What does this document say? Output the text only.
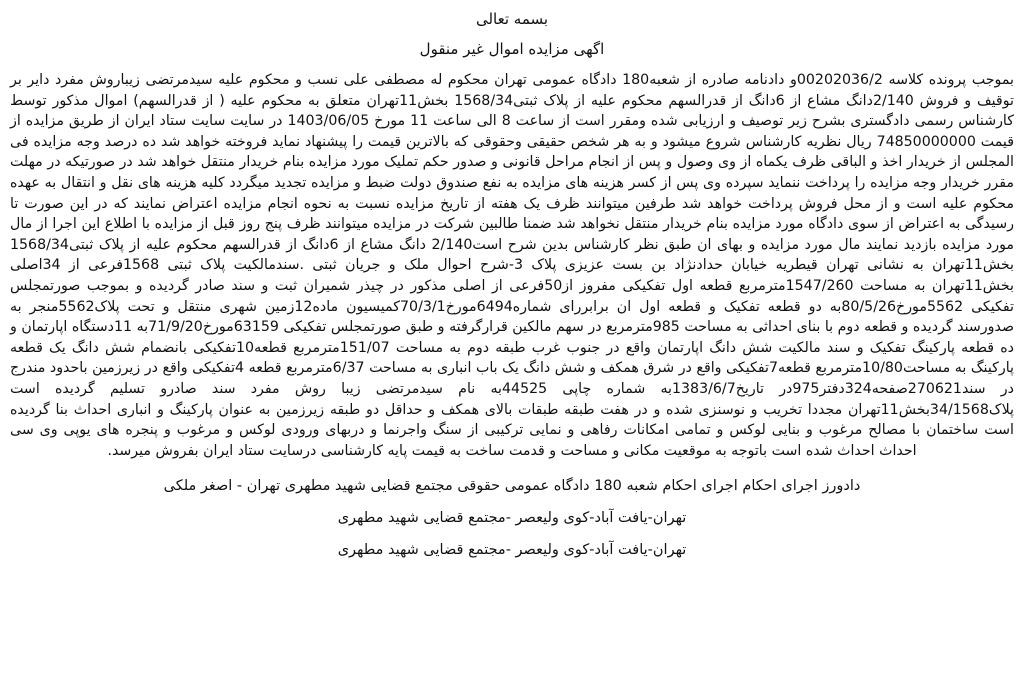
بسمه تعالی
اگهی مزایده اموال غیر منقول

بموجب پرونده کلاسه 00202036/2و دادنامه صادره از شعبه180 دادگاه عمومی تهران محکوم له مصطفی علی نسب و محکوم علیه سیدمرتضی زیباروش مفرد دایر بر توقیف و فروش 2/140دانگ مشاع از 6دانگ از قدرالسهم محکوم علیه از پلاک ثبتی1568/34 بخش11تهران متعلق به محکوم علیه ( از قدرالسهم) اموال مذکور توسط کارشناس رسمی دادگستری بشرح زیر توصیف و ارزیابی شده ومقرر است از ساعت 8 الی ساعت 11 مورخ 1403/06/05 در سایت سایت ستاد ایران از طریق مزایده از قیمت 74850000000 ریال نظریه کارشناس شروع میشود و به هر شخص حقیقی وحقوقی که بالاترین قیمت را پیشنهاد نماید فروخته خواهد شد ده درصد وجه مزایده فی المجلس از خریدار اخذ و الباقی ظرف یکماه از وی وصول و پس از انجام مراحل قانونی و صدور حکم تملیک مورد مزایده بنام خریدار منتقل خواهد شد در صورتیکه در مهلت مقرر خریدار وجه مزایده را پرداخت ننماید سپرده وی پس از کسر هزینه های مزایده به نفع صندوق دولت ضبط و مزایده تجدید میگردد کلیه هزینه های نقل و انتقال به عهده محکوم علیه است و از محل فروش پرداخت خواهد شد طرفین میتوانند ظرف یک هفته از تاریخ مزایده نسبت به نحوه انجام مزایده اعتراض نمایند که در این صورت تا رسیدگی به اعتراض از سوی دادگاه مورد مزایده بنام خریدار منتقل نخواهد شد ضمنا طالبین شرکت در مزایده میتوانند ظرف پنج روز قبل از مزایده با اطلاع این اجرا از مال مورد مزایده بازدید نمایند مال مورد مزایده و بهای ان طبق نظر کارشناس بدین شرح است2/140 دانگ مشاع از 6دانگ از قدرالسهم محکوم علیه از پلاک ثبتی1568/34 بخش11تهران به نشانی تهران قیطریه خیابان حدادنژاد بن بست عزیزی پلاک 3-شرح احوال ملک و جریان ثبتی .سندمالکیت پلاک ثبتی 1568فرعی از 34اصلی بخش11تهران به مساحت 1547/260مترمربع قطعه اول تفکیکی مفروز از50فرعی از اصلی مذکور در چیذر شمیران ثبت و سند صادر گردیده و بموجب صورتمجلس تفکیکی 5562مورخ80/5/26به دو قطعه تفکیک و قطعه اول ان برابررای شماره6494مورخ70/3/1کمیسیون ماده12زمین شهری منتقل و تحت پلاک5562منجر به صدورسند گردیده و قطعه دوم با بنای احداثی به مساحت 985مترمربع در سهم مالکین قرارگرفته و طبق صورتمجلس تفکیکی 63159مورخ71/9/20به 11دستگاه اپارتمان و ده قطعه پارکینگ تفکیک و سند مالکیت شش دانگ اپارتمان واقع در جنوب غرب طبقه دوم به مساحت 151/07مترمربع قطعه10تفکیکی بانضمام شش دانگ یک قطعه پارکینگ به مساحت10/80مترمربع قطعه7تفکیکی واقع در شرق همکف و شش دانگ یک باب انباری به مساحت 6/37مترمربع قطعه 4تفکیکی واقع در زیرزمین باحدود مندرج در سند270621صفحه324دفتر975در تاریخ1383/6/7به شماره چاپی 44525به نام سیدمرتضی زیبا روش مفرد سند صادرو تسلیم گردیده است پلاک34/1568بخش11تهران مجددا تخریب و نوسنزی شده و در هفت طبقه طبقات بالای همکف و حداقل دو طبقه زیرزمین به عنوان پارکینگ و انباری احداث بنا گردیده است ساختمان با مصالح مرغوب و بنایی لوکس و تمامی امکانات رفاهی و نمایی ترکیبی از سنگ واجرنما و دربهای ورودی لوکس و مرغوب و پنجره های یوپی وی سی احداث احداث شده است باتوجه به موقعیت مکانی و مساحت و قدمت ساخت به قیمت پایه کارشناسی درسایت ستاد ایران بفروش میرسد.

دادورز اجرای احکام اجرای احکام شعبه 180 دادگاه عمومی حقوقی مجتمع قضایی شهید مطهری تهران - اصغر ملکی

تهران-یافت آباد-کوی ولیعصر -مجتمع قضایی شهید مطهری

تهران-یافت آباد-کوی ولیعصر -مجتمع قضایی شهید مطهری
